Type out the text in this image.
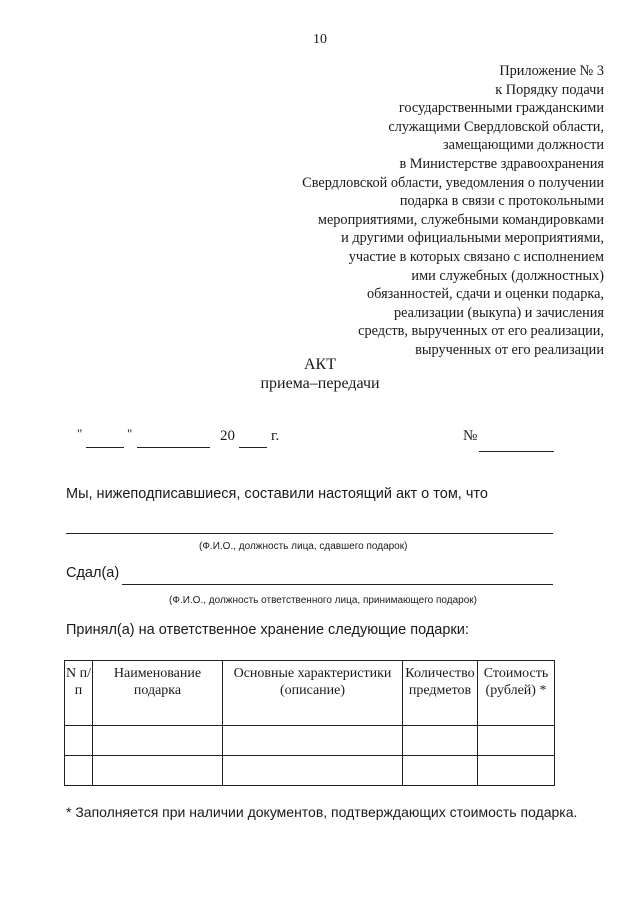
10
Приложение № 3
к Порядку подачи
государственными гражданскими
служащими Свердловской области,
замещающими должности
в Министерстве здравоохранения
Свердловской области, уведомления о получении
подарка в связи с протокольными
мероприятиями, служебными командировками
и другими официальными мероприятиями,
участие в которых связано с исполнением
ими служебных (должностных)
обязанностей, сдачи и оценки подарка,
реализации (выкупа) и зачисления
средств, вырученных от его реализации,
вырученных от его реализации
АКТ
приема–передачи
"	"	20 г.	№
Мы, нижеподписавшиеся, составили настоящий акт о том, что
(Ф.И.О., должность лица, сдавшего подарок)
Сдал(а)
(Ф.И.О., должность ответственного лица, принимающего подарок)
Принял(а) на ответственное хранение следующие подарки:
N п/п	Наименование подарка	Основные характеристики (описание)	Количество предметов	Стоимость (рублей) *

* Заполняется при наличии документов, подтверждающих стоимость подарка.
